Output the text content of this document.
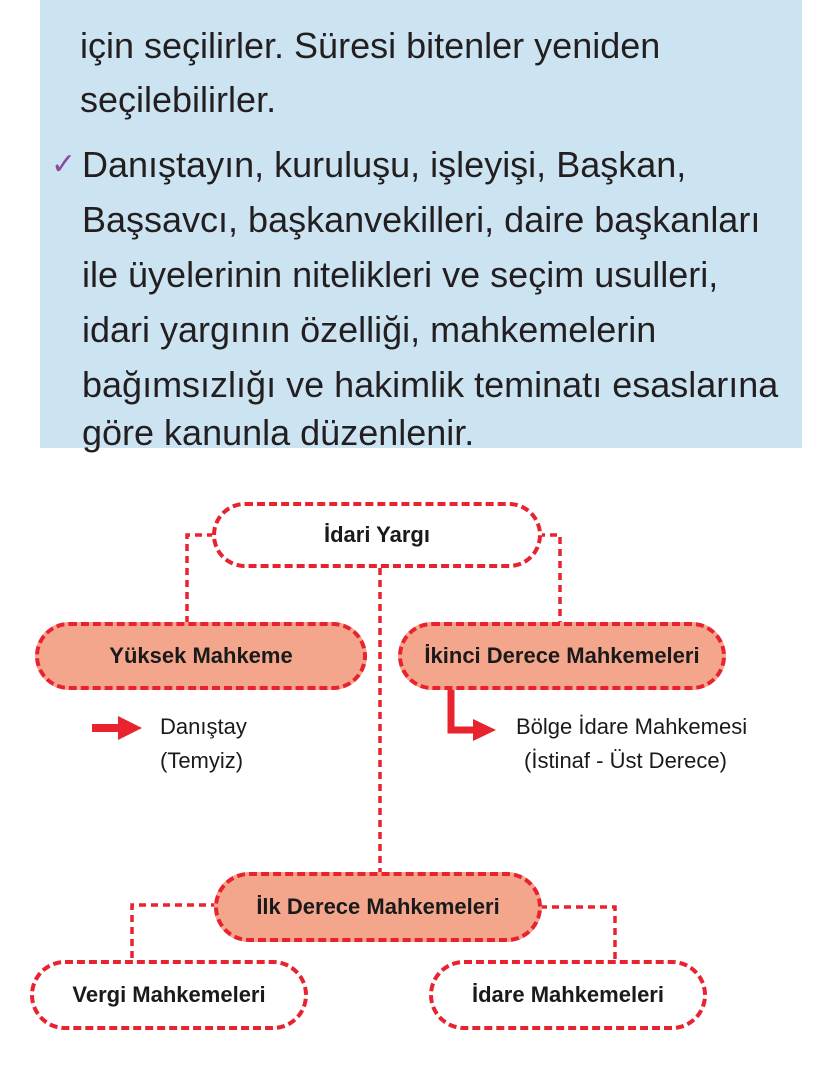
için seçilirler. Süresi bitenler yeniden

seçilebilirler.

✓ Danıştayın, kuruluşu, işleyişi, Başkan,

Başsavcı, başkanvekilleri, daire başkanları

ile üyelerinin nitelikleri ve seçim usulleri,

idari yargının özelliği, mahkemelerin

bağımsızlığı ve hakimlik teminatı esaslarına

göre kanunla düzenlenir.

İdari Yargı
Yüksek Mahkeme	İkinci Derece Mahkemeleri

Danıştay

(Temyiz)

Bölge İdare Mahkemesi

(İstinaf - Üst Derece)

İlk Derece Mahkemeleri
Vergi Mahkemeleri	İdare Mahkemeleri
